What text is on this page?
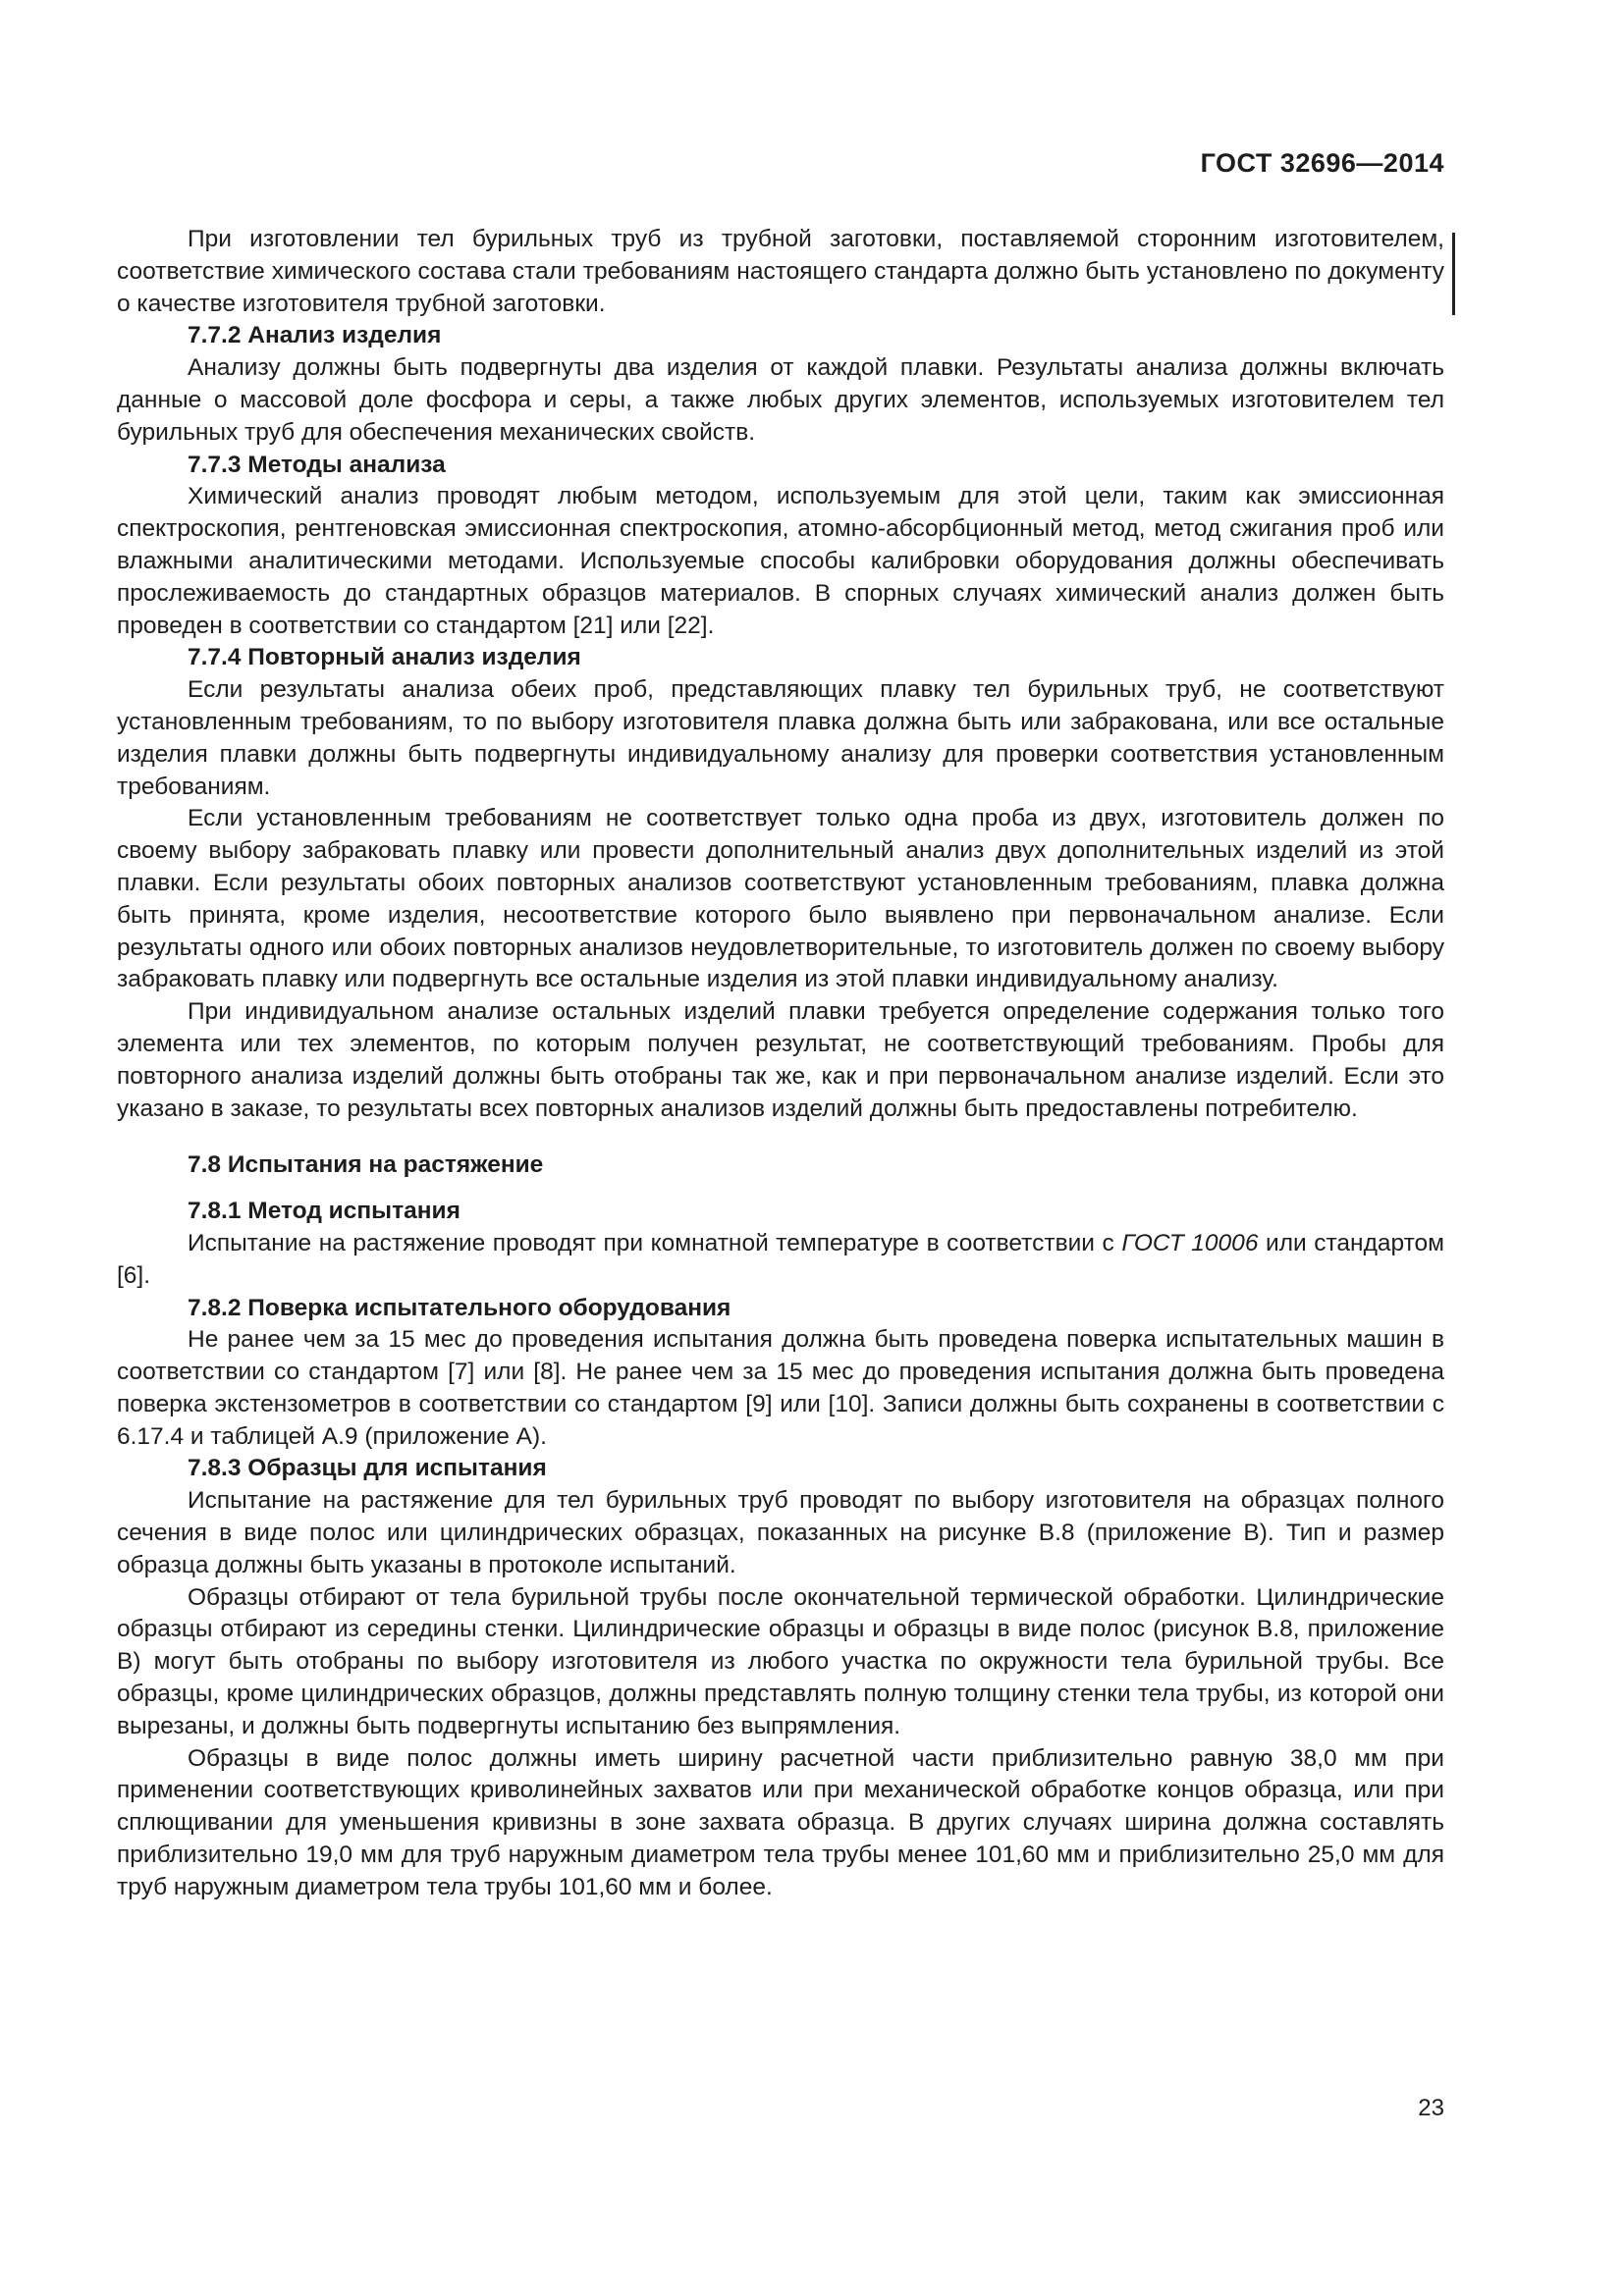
ГОСТ 32696—2014

При изготовлении тел бурильных труб из трубной заготовки, поставляемой сторонним изготовителем, соответствие химического состава стали требованиям настоящего стандарта должно быть установлено по документу о качестве изготовителя трубной заготовки.

7.7.2 Анализ изделия

Анализу должны быть подвергнуты два изделия от каждой плавки. Результаты анализа должны включать данные о массовой доле фосфора и серы, а также любых других элементов, используемых изготовителем тел бурильных труб для обеспечения механических свойств.

7.7.3 Методы анализа

Химический анализ проводят любым методом, используемым для этой цели, таким как эмиссионная спектроскопия, рентгеновская эмиссионная спектроскопия, атомно-абсорбционный метод, метод сжигания проб или влажными аналитическими методами. Используемые способы калибровки оборудования должны обеспечивать прослеживаемость до стандартных образцов материалов. В спорных случаях химический анализ должен быть проведен в соответствии со стандартом [21] или [22].

7.7.4 Повторный анализ изделия

Если результаты анализа обеих проб, представляющих плавку тел бурильных труб, не соответствуют установленным требованиям, то по выбору изготовителя плавка должна быть или забракована, или все остальные изделия плавки должны быть подвергнуты индивидуальному анализу для проверки соответствия установленным требованиям.

Если установленным требованиям не соответствует только одна проба из двух, изготовитель должен по своему выбору забраковать плавку или провести дополнительный анализ двух дополнительных изделий из этой плавки. Если результаты обоих повторных анализов соответствуют установленным требованиям, плавка должна быть принята, кроме изделия, несоответствие которого было выявлено при первоначальном анализе. Если результаты одного или обоих повторных анализов неудовлетворительные, то изготовитель должен по своему выбору забраковать плавку или подвергнуть все остальные изделия из этой плавки индивидуальному анализу.

При индивидуальном анализе остальных изделий плавки требуется определение содержания только того элемента или тех элементов, по которым получен результат, не соответствующий требованиям. Пробы для повторного анализа изделий должны быть отобраны так же, как и при первоначальном анализе изделий. Если это указано в заказе, то результаты всех повторных анализов изделий должны быть предоставлены потребителю.

7.8 Испытания на растяжение
7.8.1 Метод испытания

Испытание на растяжение проводят при комнатной температуре в соответствии с ГОСТ 10006 или стандартом [6].

7.8.2 Поверка испытательного оборудования

Не ранее чем за 15 мес до проведения испытания должна быть проведена поверка испытательных машин в соответствии со стандартом [7] или [8]. Не ранее чем за 15 мес до проведения испытания должна быть проведена поверка экстензометров в соответствии со стандартом [9] или [10]. Записи должны быть сохранены в соответствии с 6.17.4 и таблицей А.9 (приложение А).

7.8.3 Образцы для испытания

Испытание на растяжение для тел бурильных труб проводят по выбору изготовителя на образцах полного сечения в виде полос или цилиндрических образцах, показанных на рисунке В.8 (приложение В). Тип и размер образца должны быть указаны в протоколе испытаний.

Образцы отбирают от тела бурильной трубы после окончательной термической обработки. Цилиндрические образцы отбирают из середины стенки. Цилиндрические образцы и образцы в виде полос (рисунок В.8, приложение В) могут быть отобраны по выбору изготовителя из любого участка по окружности тела бурильной трубы. Все образцы, кроме цилиндрических образцов, должны представлять полную толщину стенки тела трубы, из которой они вырезаны, и должны быть подвергнуты испытанию без выпрямления.

Образцы в виде полос должны иметь ширину расчетной части приблизительно равную 38,0 мм при применении соответствующих криволинейных захватов или при механической обработке концов образца, или при сплющивании для уменьшения кривизны в зоне захвата образца. В других случаях ширина должна составлять приблизительно 19,0 мм для труб наружным диаметром тела трубы менее 101,60 мм и приблизительно 25,0 мм для труб наружным диаметром тела трубы 101,60 мм и более.

23
